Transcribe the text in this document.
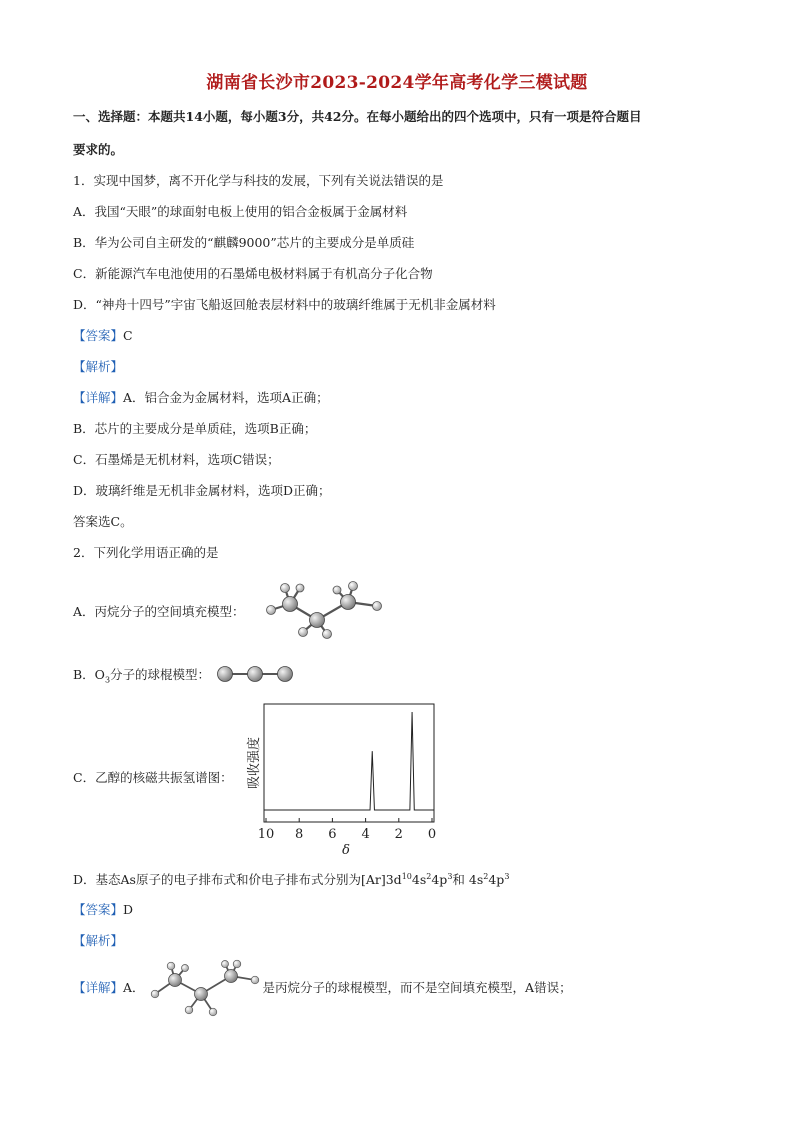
湖南省长沙市2023-2024学年高考化学三模试题
一、选择题：本题共14小题，每小题3分，共42分。在每小题给出的四个选项中，只有一项是符合题目
要求的。
1．实现中国梦，离不开化学与科技的发展，下列有关说法错误的是
A．我国“天眼”的球面射电板上使用的铝合金板属于金属材料
B．华为公司自主研发的“麒麟9000”芯片的主要成分是单质硅
C．新能源汽车电池使用的石墨烯电极材料属于有机高分子化合物
D．“神舟十四号”宇宙飞船返回舱表层材料中的玻璃纤维属于无机非金属材料
【答案】C
【解析】
【详解】A．铝合金为金属材料，选项A正确；
B．芯片的主要成分是单质硅，选项B正确；
C．石墨烯是无机材料，选项C错误；
D．玻璃纤维是无机非金属材料，选项D正确；
答案选C。
2．下列化学用语正确的是
A．丙烷分子的空间填充模型：
B．$O_3$分子的球棍模型：
C．乙醇的核磁共振氢谱图： 吸收强度
10 8 6 4 2 0
δ
D．基态As原子的电子排布式和价电子排布式分别为$[Ar]3d^{10}4s^24p^3$和 $4s^24p^3$
【答案】D
【解析】
【详解】A．	是丙烷分子的球棍模型，而不是空间填充模型，A错误；
